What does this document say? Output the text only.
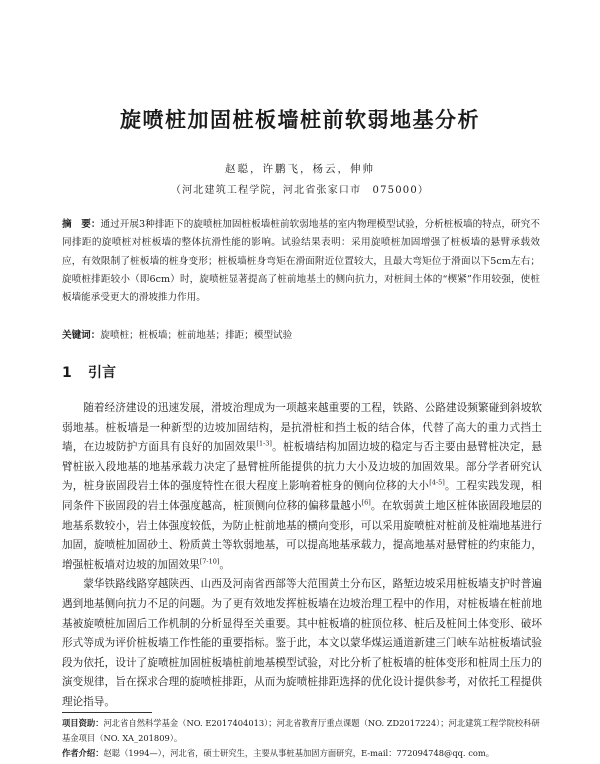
旋喷桩加固桩板墙桩前软弱地基分析
赵聪，许鹏飞，杨云，伸帅
（河北建筑工程学院，河北省张家口市　075000）
摘　要：通过开展3种排距下的旋喷桩加固桩板墙桩前软弱地基的室内物理模型试验，分析桩板墙的特点，研究不同排距的旋喷桩对桩板墙的整体抗滑性能的影响。试验结果表明：采用旋喷桩加固增强了桩板墙的悬臂承载效应，有效限制了桩板墙的桩身变形；桩板墙桩身弯矩在滑面附近位置较大，且最大弯矩位于滑面以下5cm左右；旋喷桩排距较小（即6cm）时，旋喷桩显著提高了桩前地基土的侧向抗力，对桩间土体的“楔紧”作用较强，使桩板墙能承受更大的滑坡推力作用。
关键词：旋喷桩；桩板墙；桩前地基；排距；模型试验
1 引言

随着经济建设的迅速发展，滑坡治理成为一项越来越重要的工程，铁路、公路建设频繁碰到斜坡软弱地基。桩板墙是一种新型的边坡加固结构，是抗滑桩和挡土板的结合体，代替了高大的重力式挡土墙，在边坡防护方面具有良好的加固效果[1-3]。桩板墙结构加固边坡的稳定与否主要由悬臂桩决定，悬臂桩嵌入段地基的地基承载力决定了悬臂桩所能提供的抗力大小及边坡的加固效果。部分学者研究认为，桩身嵌固段岩土体的强度特性在很大程度上影响着桩身的侧向位移的大小[4-5]。工程实践发现，相同条件下嵌固段的岩土体强度越高，桩顶侧向位移的偏移量越小[6]。在软弱黄土地区桩体嵌固段地层的地基系数较小，岩土体强度较低，为防止桩前地基的横向变形，可以采用旋喷桩对桩前及桩端地基进行加固，旋喷桩加固砂土、粉质黄土等软弱地基，可以提高地基承载力，提高地基对悬臂桩的约束能力，增强桩板墙对边坡的加固效果[7-10]。

蒙华铁路线路穿越陕西、山西及河南省西部等大范围黄土分布区，路堑边坡采用桩板墙支护时普遍遇到地基侧向抗力不足的问题。为了更有效地发挥桩板墙在边坡治理工程中的作用，对桩板墙在桩前地基被旋喷桩加固后工作机制的分析显得至关重要。其中桩板墙的桩顶位移、桩后及桩间土体变形、破坏形式等成为评价桩板墙工作性能的重要指标。鉴于此，本文以蒙华煤运通道新建三门峡车站桩板墙试验段为依托，设计了旋喷桩加固桩板墙桩前地基模型试验，对比分析了桩板墙的桩体变形和桩周土压力的演变规律，旨在探求合理的旋喷桩排距，从而为旋喷桩排距选择的优化设计提供参考，对依托工程提供理论指导。

项目资助：河北省自然科学基金（NO. E2017404013）；河北省教育厅重点课题（NO. ZD2017224）；河北建筑工程学院校科研基金项目（NO. XA_201809）。
作者介绍：赵聪（1994—），河北省，硕士研究生，主要从事桩基加固方面研究，E-mail：772094748@qq. com。
